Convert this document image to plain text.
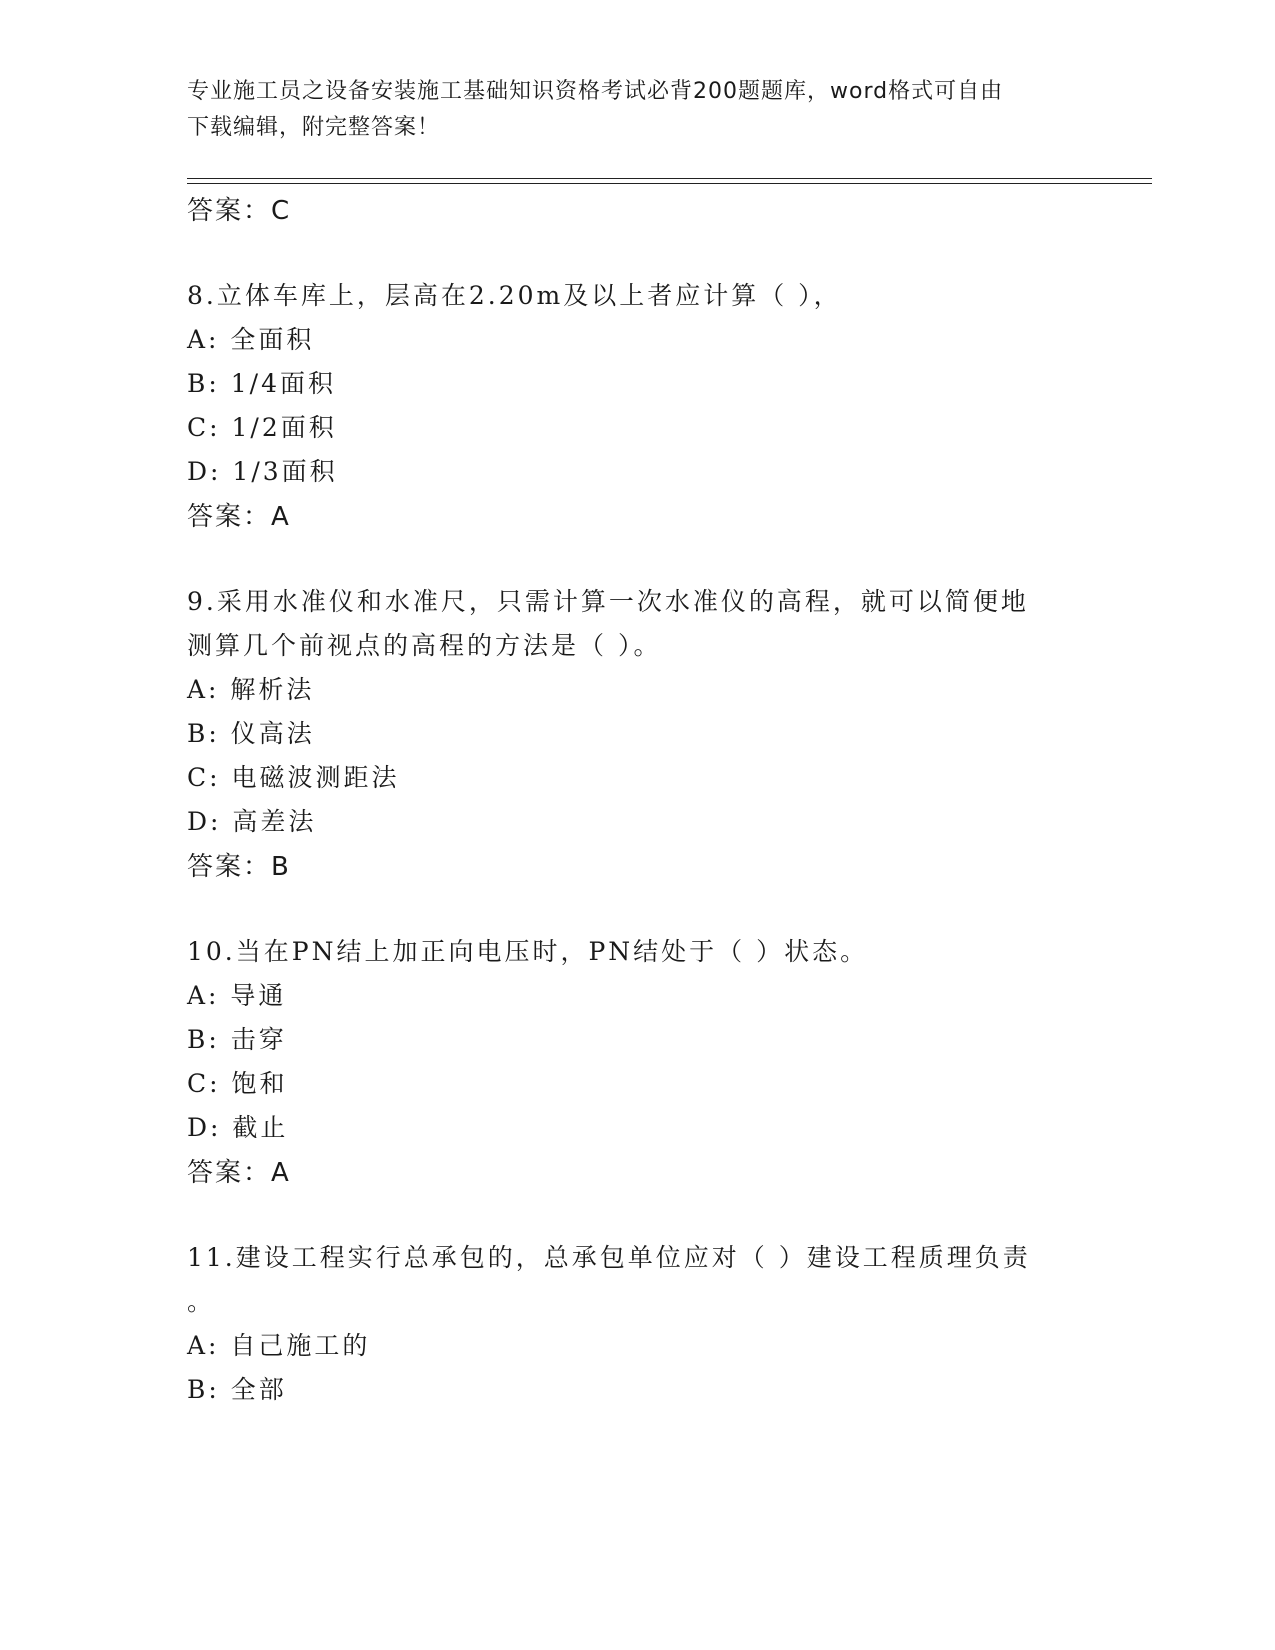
专业施工员之设备安装施工基础知识资格考试必背200题题库，word格式可自由
下载编辑，附完整答案！
答案：C
8.立体车库上，层高在2.20m及以上者应计算（ ），
A: 全面积
B: 1/4面积
C: 1/2面积
D: 1/3面积
答案：A
9.采用水准仪和水准尺，只需计算一次水准仪的高程，就可以简便地
测算几个前视点的高程的方法是（ ）。
A: 解析法
B: 仪高法
C: 电磁波测距法
D: 高差法
答案：B
10.当在PN结上加正向电压时，PN结处于（ ）状态。
A: 导通
B: 击穿
C: 饱和
D: 截止
答案：A
11.建设工程实行总承包的，总承包单位应对（ ）建设工程质理负责
。
A: 自己施工的
B: 全部
